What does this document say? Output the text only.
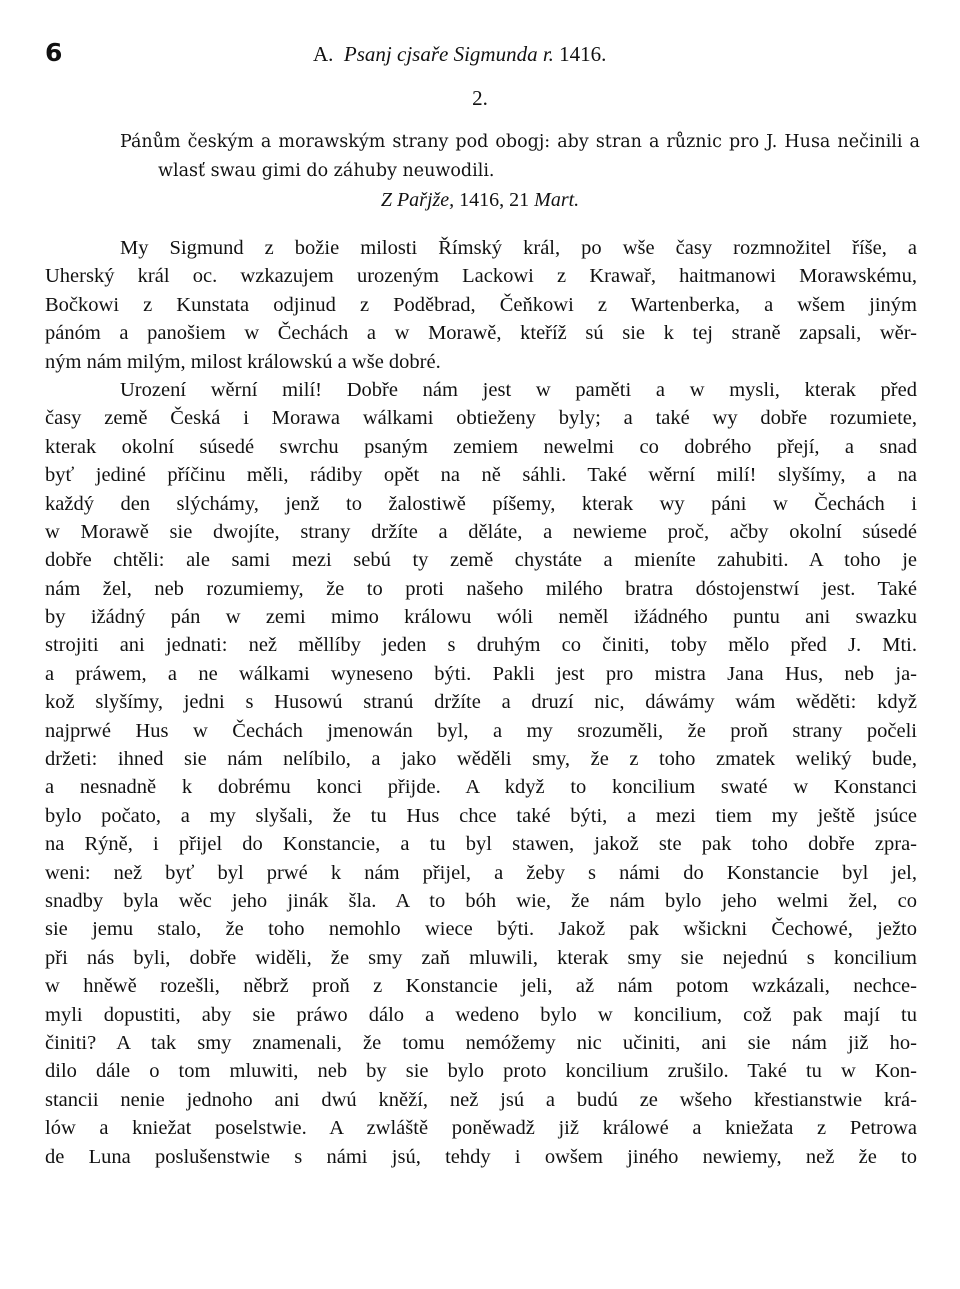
6	A. Psanj cjsaře Sigmunda r. 1416.
2.
Pánům českým a morawským strany pod obogj: aby stran a různic pro J. Husa nečinili a wlasť swau gimi do záhuby neuwodili.
Z Pařjže, 1416, 21 Mart.
My Sigmund z božie milosti Římský král, po wše časy rozmnožitel říše, a
Uherský král oc. wzkazujem urozeným Lackowi z Krawař, haitmanowi Morawskému,
Bočkowi z Kunstata odjinud z Poděbrad, Čeňkowi z Wartenberka, a wšem jiným
pánóm a panošiem w Čechách a w Morawě, kteříž sú sie k tej straně zapsali, wěr-
ným nám milým, milost králowskú a wše dobré.
Urození wěrní milí! Dobře nám jest w paměti a w mysli, kterak před
časy země Česká i Morawa wálkami obtieženy byly; a také wy dobře rozumiete,
kterak okolní súsedé swrchu psaným zemiem newelmi co dobrého přejí, a snad
byť jediné příčinu měli, rádiby opět na ně sáhli. Také wěrní milí! slyšímy, a na
každý den slýchámy, jenž to žalostiwě píšemy, kterak wy páni w Čechách i
w Morawě sie dwojíte, strany držíte a děláte, a newieme proč, ačby okolní súsedé
dobře chtěli: ale sami mezi sebú ty země chystáte a mieníte zahubiti. A toho je
nám žel, neb rozumiemy, že to proti našeho milého bratra dóstojenstwí jest. Také
by ižádný pán w zemi mimo králowu wóli neměl ižádného puntu ani swazku
strojiti ani jednati: než měllíby jeden s druhým co činiti, toby mělo před J. Mti.
a práwem, a ne wálkami wyneseno býti. Pakli jest pro mistra Jana Hus, neb ja-
kož slyšímy, jedni s Husowú stranú držíte a druzí nic, dáwámy wám wěděti: když
najprwé Hus w Čechách jmenowán byl, a my srozuměli, že proň strany počeli
držeti: ihned sie nám nelíbilo, a jako wěděli smy, že z toho zmatek weliký bude,
a nesnadně k dobrému konci přijde. A když to koncilium swaté w Konstanci
bylo počato, a my slyšali, že tu Hus chce také býti, a mezi tiem my ještě jsúce
na Rýně, i přijel do Konstancie, a tu byl stawen, jakož ste pak toho dobře zpra-
weni: než byť byl prwé k nám přijel, a žeby s námi do Konstancie byl jel,
snadby byla wěc jeho jinák šla. A to bóh wie, že nám bylo jeho welmi žel, co
sie jemu stalo, že toho nemohlo wiece býti. Jakož pak wšickni Čechowé, ježto
při nás byli, dobře widěli, že smy zaň mluwili, kterak smy sie nejednú s koncilium
w hněwě rozešli, něbrž proň z Konstancie jeli, až nám potom wzkázali, nechce-
myli dopustiti, aby sie práwo dálo a wedeno bylo w koncilium, což pak mají tu
činiti? A tak smy znamenali, že tomu nemóžemy nic učiniti, ani sie nám již ho-
dilo dále o tom mluwiti, neb by sie bylo proto koncilium zrušilo. Také tu w Kon-
stancii nenie jednoho ani dwú kněží, než jsú a budú ze wšeho křestianstwie krá-
lów a kniežat poselstwie. A zwláště poněwadž již králowé a kniežata z Petrowa
de Luna poslušenstwie s námi jsú, tehdy i owšem jiného newiemy, než že to
